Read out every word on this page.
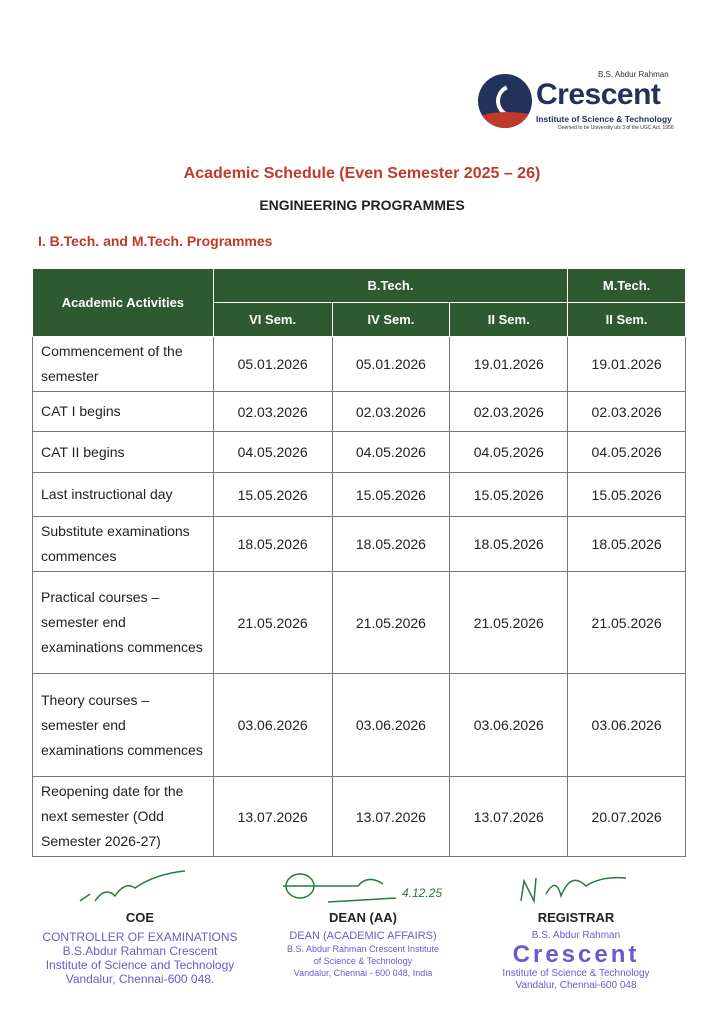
B.S. Abdur Rahman
Crescent
Institute of Science & Technology
Deemed to be University u/s 3 of the UGC Act, 1956
Academic Schedule (Even Semester 2025 – 26)
ENGINEERING PROGRAMMES
I. B.Tech. and M.Tech. Programmes
Academic Activities	B.Tech.			M.Tech.
	VI Sem.	IV Sem.	II Sem.	II Sem.
Commencement of the semester	05.01.2026	05.01.2026	19.01.2026	19.01.2026
CAT I begins	02.03.2026	02.03.2026	02.03.2026	02.03.2026
CAT II begins	04.05.2026	04.05.2026	04.05.2026	04.05.2026
Last instructional day	15.05.2026	15.05.2026	15.05.2026	15.05.2026
Substitute examinations commences	18.05.2026	18.05.2026	18.05.2026	18.05.2026
Practical courses – semester end examinations commences	21.05.2026	21.05.2026	21.05.2026	21.05.2026
Theory courses – semester end examinations commences	03.06.2026	03.06.2026	03.06.2026	03.06.2026
Reopening date for the next semester (Odd Semester 2026-27)	13.07.2026	13.07.2026	13.07.2026	20.07.2026
COE
CONTROLLER OF EXAMINATIONS
B.S.Abdur Rahman Crescent
Institute of Science and Technology
Vandalur, Chennai-600 048.
4.12.25
DEAN (AA)
DEAN (ACADEMIC AFFAIRS)
B.S. Abdur Rahman Crescent Institute
of Science & Technology
Vandalur, Chennai - 600 048, India
REGISTRAR
B.S. Abdur Rahman
Crescent
Institute of Science & Technology
Vandalur, Chennai-600 048
